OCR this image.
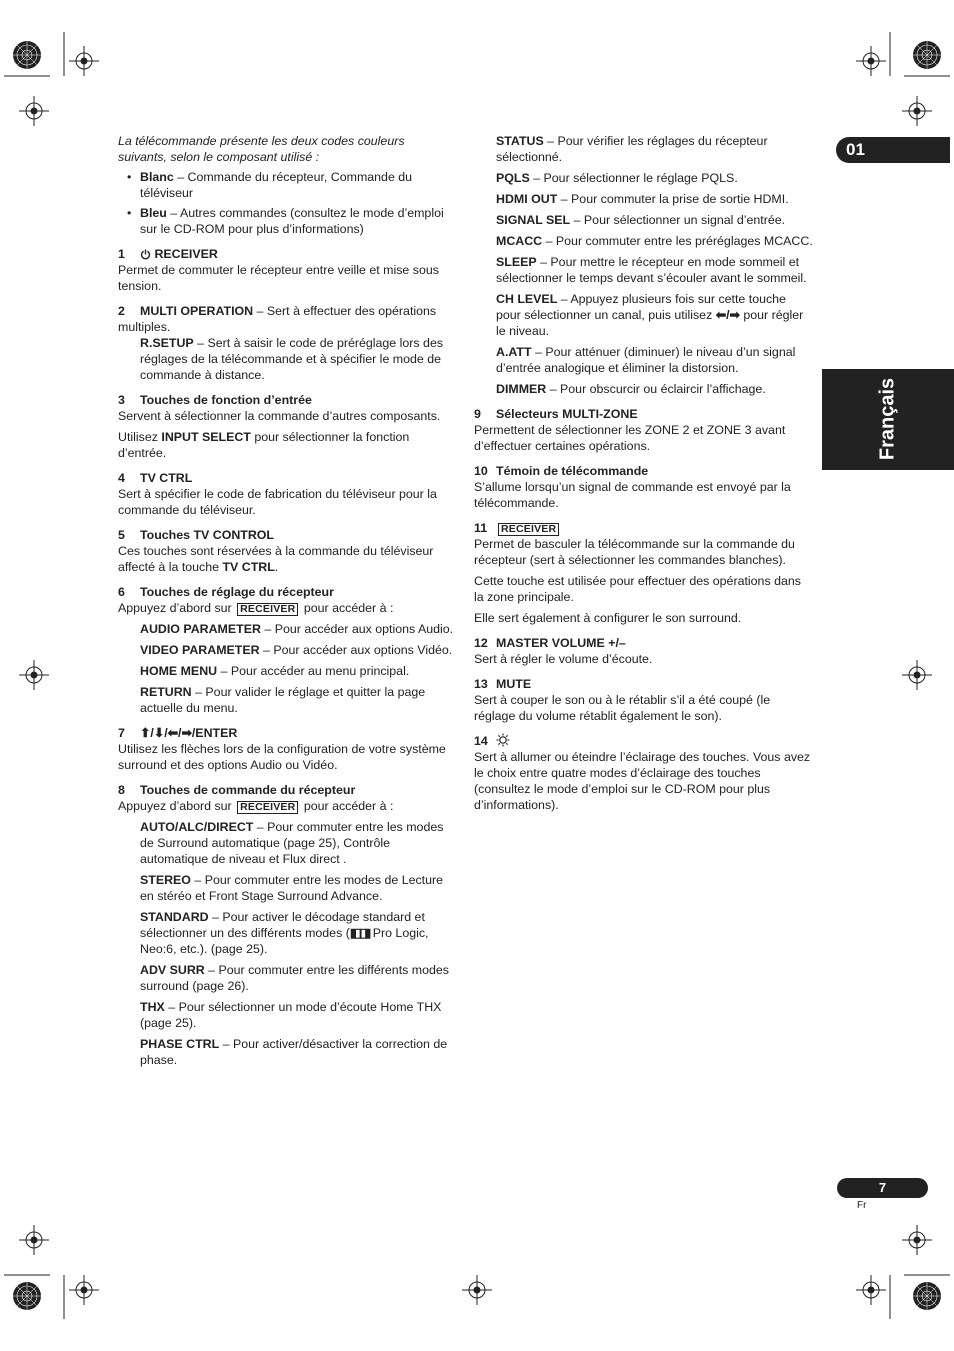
01
Français

La télécommande présente les deux codes couleurs suivants, selon le composant utilisé :

• Blanc – Commande du récepteur, Commande du téléviseur
• Bleu – Autres commandes (consultez le mode d’emploi sur le CD-ROM pour plus d’informations)
1 RECEIVER

Permet de commuter le récepteur entre veille et mise sous tension.

2 MULTI OPERATION – Sert à effectuer des opérations multiples.

R.SETUP – Sert à saisir le code de préréglage lors des réglages de la télécommande et à spécifier le mode de commande à distance.

3 Touches de fonction d’entrée

Servent à sélectionner la commande d’autres composants.

Utilisez INPUT SELECT pour sélectionner la fonction d’entrée.

4 TV CTRL

Sert à spécifier le code de fabrication du téléviseur pour la commande du téléviseur.

5 Touches TV CONTROL

Ces touches sont réservées à la commande du téléviseur affecté à la touche TV CTRL.

6 Touches de réglage du récepteur

Appuyez d’abord sur RECEIVER pour accéder à :

AUDIO PARAMETER – Pour accéder aux options Audio.

VIDEO PARAMETER – Pour accéder aux options Vidéo.

HOME MENU – Pour accéder au menu principal.

RETURN – Pour valider le réglage et quitter la page actuelle du menu.

7 ⬆/⬇/⬅/➡/ENTER

Utilisez les flèches lors de la configuration de votre système surround et des options Audio ou Vidéo.

8 Touches de commande du récepteur

Appuyez d’abord sur RECEIVER pour accéder à :

AUTO/ALC/DIRECT – Pour commuter entre les modes de Surround automatique (page 25), Contrôle automatique de niveau et Flux direct .

STEREO – Pour commuter entre les modes de Lecture en stéréo et Front Stage Surround Advance.

STANDARD – Pour activer le décodage standard et sélectionner un des différents modes (◧◨ Pro Logic, Neo:6, etc.). (page 25).

ADV SURR – Pour commuter entre les différents modes surround (page 26).

THX – Pour sélectionner un mode d’écoute Home THX (page 25).

PHASE CTRL – Pour activer/désactiver la correction de phase.

STATUS – Pour vérifier les réglages du récepteur sélectionné.

PQLS – Pour sélectionner le réglage PQLS.

HDMI OUT – Pour commuter la prise de sortie HDMI.

SIGNAL SEL – Pour sélectionner un signal d’entrée.

MCACC – Pour commuter entre les préréglages MCACC.

SLEEP – Pour mettre le récepteur en mode sommeil et sélectionner le temps devant s’écouler avant le sommeil.

CH LEVEL – Appuyez plusieurs fois sur cette touche pour sélectionner un canal, puis utilisez ⬅/➡ pour régler le niveau.

A.ATT – Pour atténuer (diminuer) le niveau d’un signal d’entrée analogique et éliminer la distorsion.

DIMMER – Pour obscurcir ou éclaircir l’affichage.

9 Sélecteurs MULTI-ZONE

Permettent de sélectionner les ZONE 2 et ZONE 3 avant d’effectuer certaines opérations.

10 Témoin de télécommande

S’allume lorsqu’un signal de commande est envoyé par la télécommande.

11 RECEIVER

Permet de basculer la télécommande sur la commande du récepteur (sert à sélectionner les commandes blanches).

Cette touche est utilisée pour effectuer des opérations dans la zone principale.

Elle sert également à configurer le son surround.

12 MASTER VOLUME +/–

Sert à régler le volume d’écoute.

13 MUTE

Sert à couper le son ou à le rétablir s’il a été coupé (le réglage du volume rétablit également le son).

14

Sert à allumer ou éteindre l’éclairage des touches. Vous avez le choix entre quatre modes d’éclairage des touches (consultez le mode d’emploi sur le CD-ROM pour plus d’informations).

7
Fr
